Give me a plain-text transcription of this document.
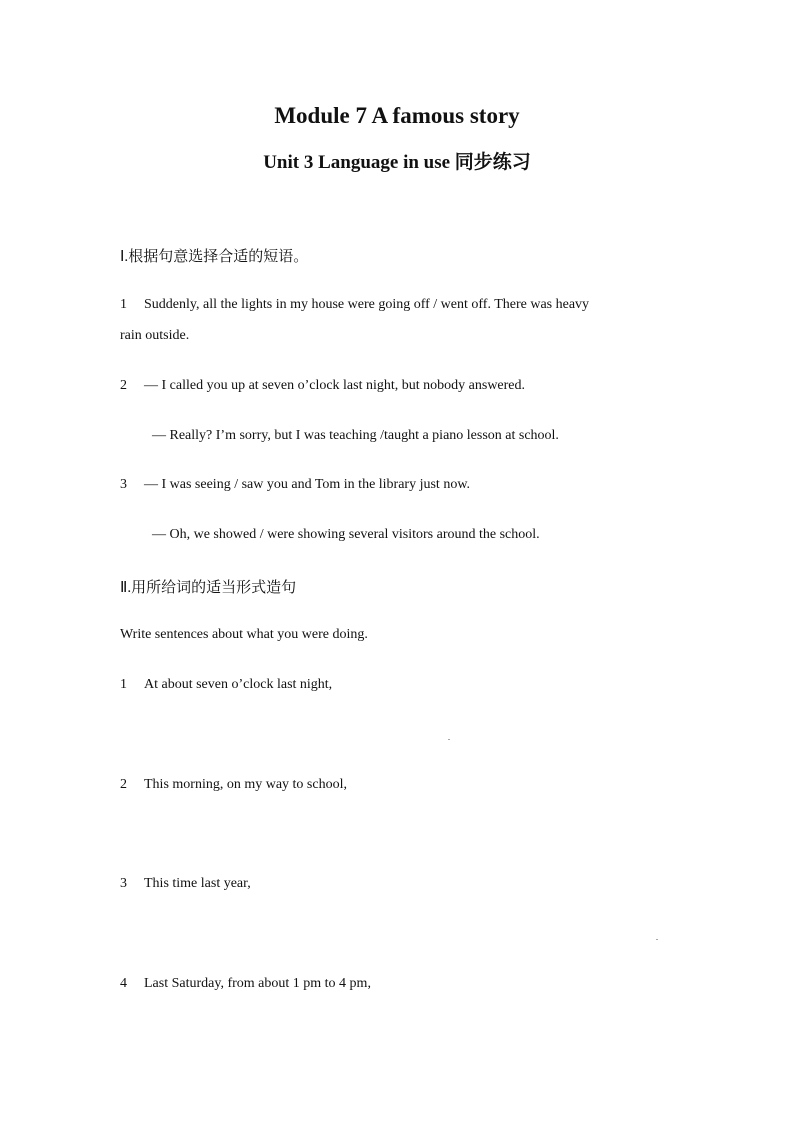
Module 7 A famous story
Unit 3 Language in use 同步练习
Ⅰ.根据句意选择合适的短语。
1 Suddenly, all the lights in my house were going off / went off. There was heavy
rain outside.
2 — I called you up at seven o’clock last night, but nobody answered.
— Really? I’m sorry, but I was teaching /taught a piano lesson at school.
3 — I was seeing / saw you and Tom in the library just now.
— Oh, we showed / were showing several visitors around the school.
Ⅱ.用所给词的适当形式造句
Write sentences about what you were doing.
1 At about seven o’clock last night,
.
2 This morning, on my way to school,
3 This time last year,
.
4 Last Saturday, from about 1 pm to 4 pm,
